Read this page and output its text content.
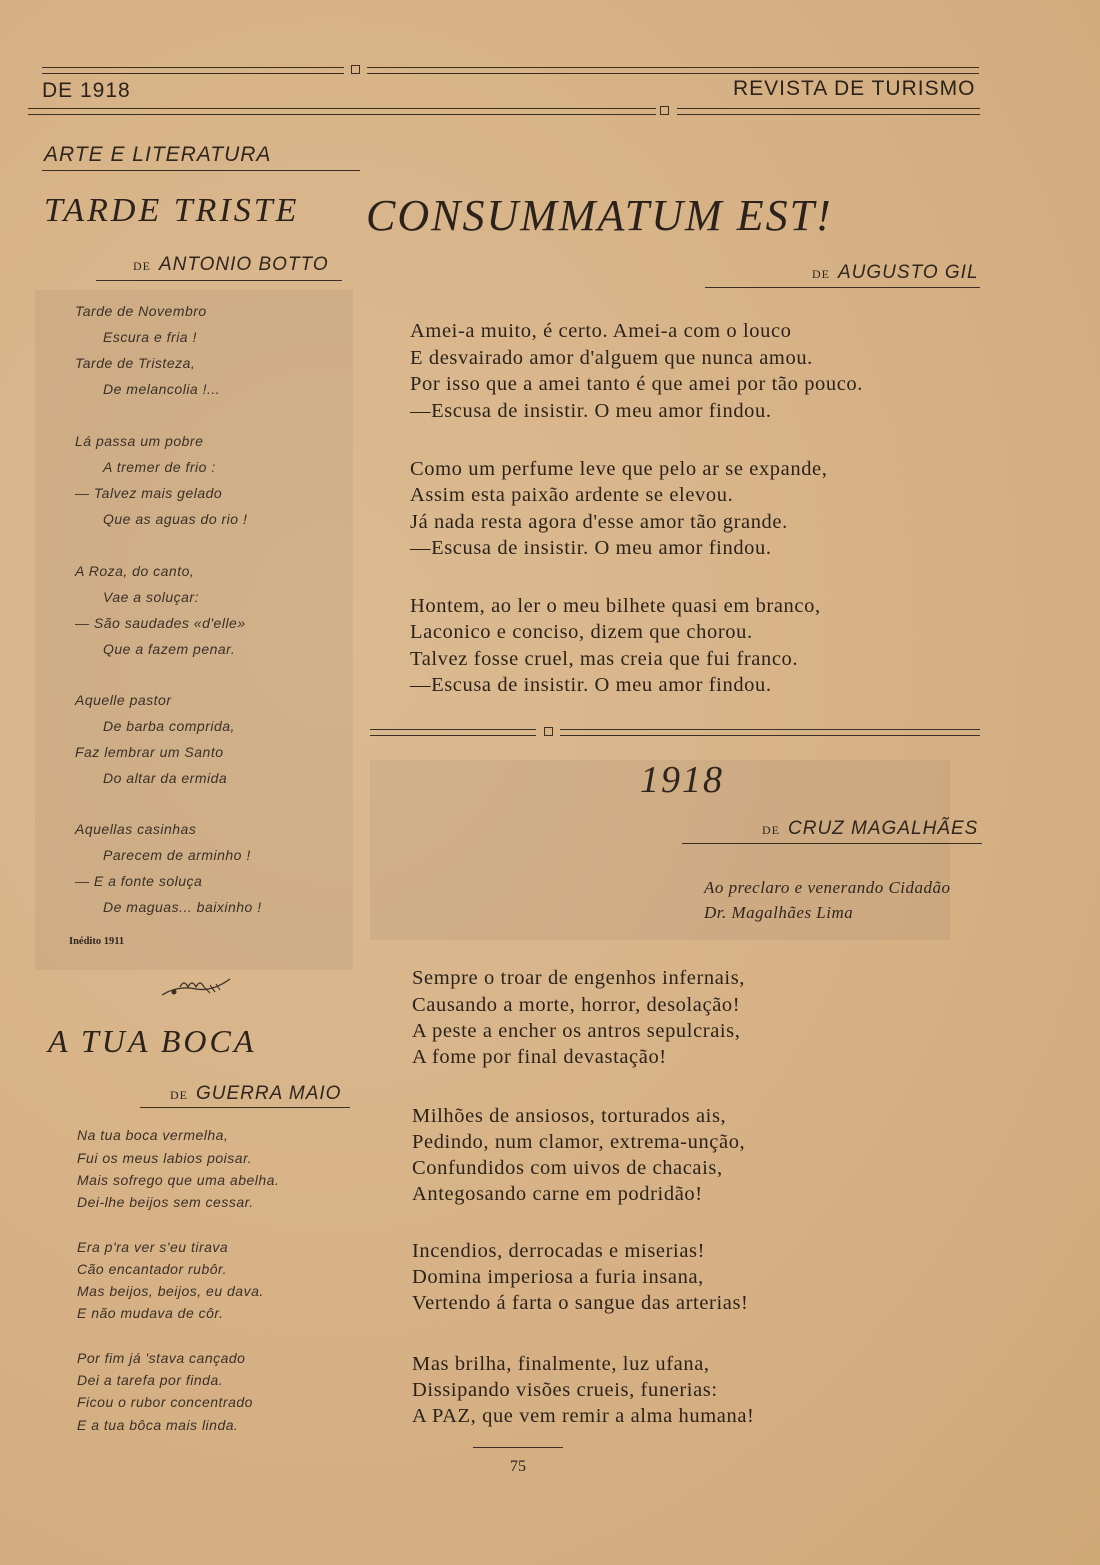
DE 1918	REVISTA DE TURISMO
ARTE E LITERATURA
TARDE TRISTE
DE ANTONIO BOTTO
Tarde de Novembro
Escura e fria !
Tarde de Tristeza,
De melancolia !...
Lá passa um pobre
A tremer de frio :
— Talvez mais gelado
Que as aguas do rio !
A Roza, do canto,
Vae a soluçar:
— São saudades «d'elle»
Que a fazem penar.
Aquelle pastor
De barba comprida,
Faz lembrar um Santo
Do altar da ermida
Aquellas casinhas
Parecem de arminho !
— E a fonte soluça
De maguas... baixinho !
Inédito 1911
A TUA BOCA
DE GUERRA MAIO
Na tua boca vermelha,
Fui os meus labios poisar.
Mais sofrego que uma abelha.
Dei-lhe beijos sem cessar.
Era p'ra ver s'eu tirava
Cão encantador rubôr.
Mas beijos, beijos, eu dava.
E não mudava de côr.
Por fim já 'stava cançado
Dei a tarefa por finda.
Ficou o rubor concentrado
E a tua bôca mais linda.
CONSUMMATUM EST!
DE AUGUSTO GIL
Amei-a muito, é certo. Amei-a com o louco
E desvairado amor d'alguem que nunca amou.
Por isso que a amei tanto é que amei por tão pouco.
—Escusa de insistir. O meu amor findou.
Como um perfume leve que pelo ar se expande,
Assim esta paixão ardente se elevou.
Já nada resta agora d'esse amor tão grande.
—Escusa de insistir. O meu amor findou.
Hontem, ao ler o meu bilhete quasi em branco,
Laconico e conciso, dizem que chorou.
Talvez fosse cruel, mas creia que fui franco.
—Escusa de insistir. O meu amor findou.
1918
DE CRUZ MAGALHÃES
Ao preclaro e venerando Cidadão
Dr. Magalhães Lima
Sempre o troar de engenhos infernais,
Causando a morte, horror, desolação!
A peste a encher os antros sepulcrais,
A fome por final devastação!
Milhões de ansiosos, torturados ais,
Pedindo, num clamor, extrema-unção,
Confundidos com uivos de chacais,
Antegosando carne em podridão!
Incendios, derrocadas e miserias!
Domina imperiosa a furia insana,
Vertendo á farta o sangue das arterias!
Mas brilha, finalmente, luz ufana,
Dissipando visões crueis, funerias:
A PAZ, que vem remir a alma humana!
75
